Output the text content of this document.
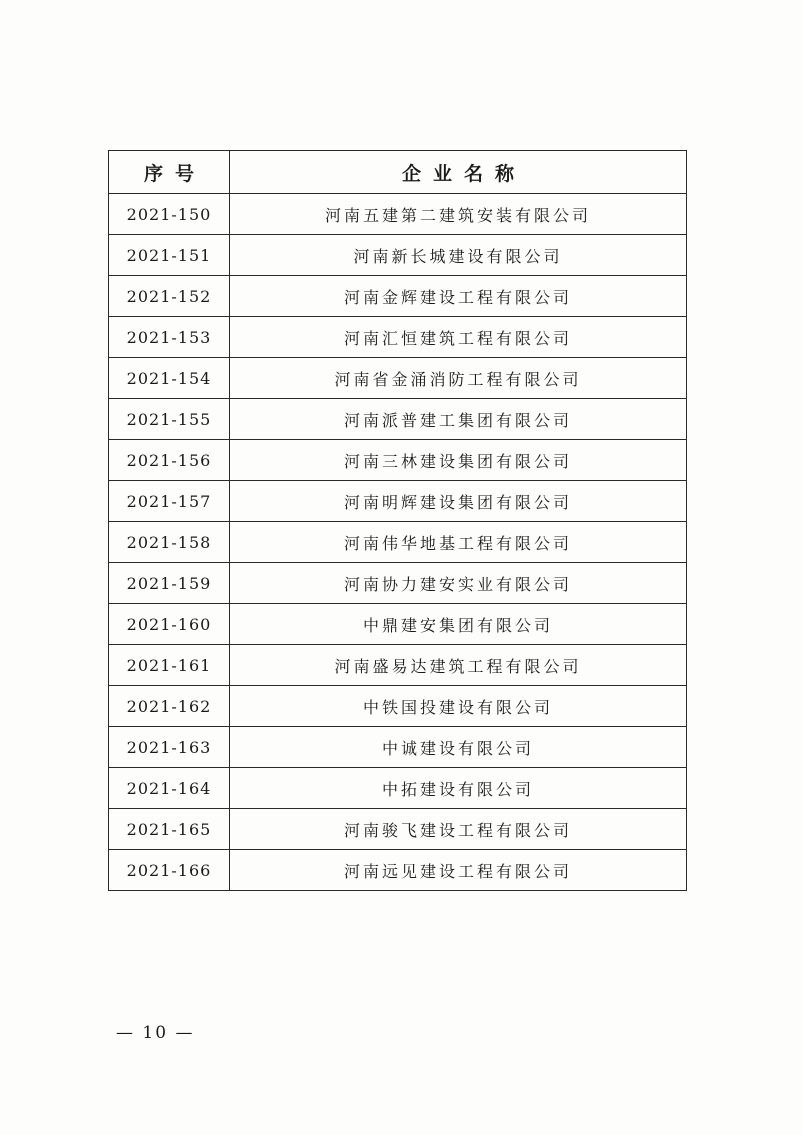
序号	企业名称
2021-150	河南五建第二建筑安装有限公司
2021-151	河南新长城建设有限公司
2021-152	河南金辉建设工程有限公司
2021-153	河南汇恒建筑工程有限公司
2021-154	河南省金涌消防工程有限公司
2021-155	河南派普建工集团有限公司
2021-156	河南三林建设集团有限公司
2021-157	河南明辉建设集团有限公司
2021-158	河南伟华地基工程有限公司
2021-159	河南协力建安实业有限公司
2021-160	中鼎建安集团有限公司
2021-161	河南盛易达建筑工程有限公司
2021-162	中铁国投建设有限公司
2021-163	中诚建设有限公司
2021-164	中拓建设有限公司
2021-165	河南骏飞建设工程有限公司
2021-166	河南远见建设工程有限公司
— 10 —
